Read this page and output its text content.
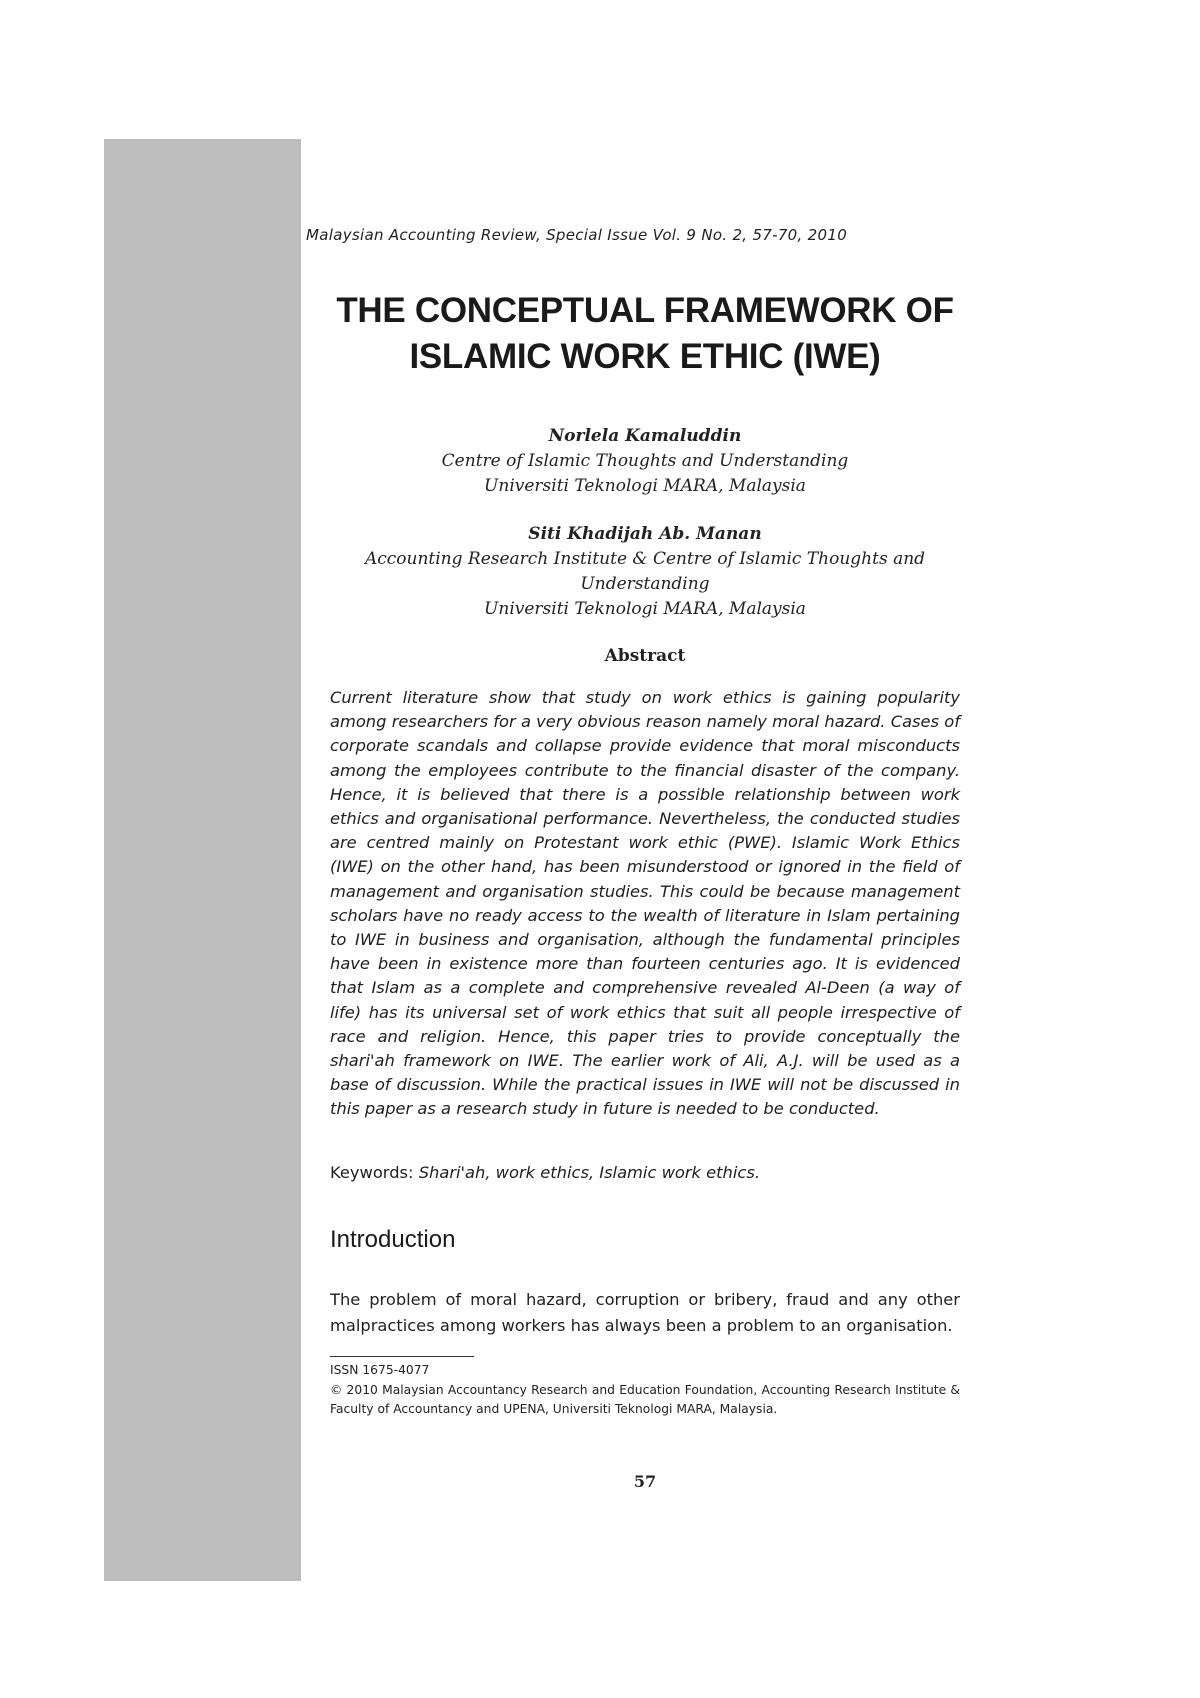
Malaysian Accounting Review, Special Issue Vol. 9 No. 2, 57-70, 2010
THE CONCEPTUAL FRAMEWORK OF
ISLAMIC WORK ETHIC (IWE)
Norlela Kamaluddin
Centre of Islamic Thoughts and Understanding
Universiti Teknologi MARA, Malaysia
Siti Khadijah Ab. Manan
Accounting Research Institute & Centre of Islamic Thoughts and
Understanding
Universiti Teknologi MARA, Malaysia
Abstract
Current literature show that study on work ethics is gaining popularity among researchers for a very obvious reason namely moral hazard. Cases of corporate scandals and collapse provide evidence that moral misconducts among the employees contribute to the financial disaster of the company. Hence, it is believed that there is a possible relationship between work ethics and organisational performance. Nevertheless, the conducted studies are centred mainly on Protestant work ethic (PWE). Islamic Work Ethics (IWE) on the other hand, has been misunderstood or ignored in the field of management and organisation studies. This could be because management scholars have no ready access to the wealth of literature in Islam pertaining to IWE in business and organisation, although the fundamental principles have been in existence more than fourteen centuries ago. It is evidenced that Islam as a complete and comprehensive revealed Al-Deen (a way of life) has its universal set of work ethics that suit all people irrespective of race and religion. Hence, this paper tries to provide conceptually the shari'ah framework on IWE. The earlier work of Ali, A.J. will be used as a base of discussion. While the practical issues in IWE will not be discussed in this paper as a research study in future is needed to be conducted.
Keywords: Shari'ah, work ethics, Islamic work ethics.
Introduction
The problem of moral hazard, corruption or bribery, fraud and any other malpractices among workers has always been a problem to an organisation.
ISSN 1675-4077
© 2010 Malaysian Accountancy Research and Education Foundation, Accounting Research Institute & Faculty of Accountancy and UPENA, Universiti Teknologi MARA, Malaysia.
57
